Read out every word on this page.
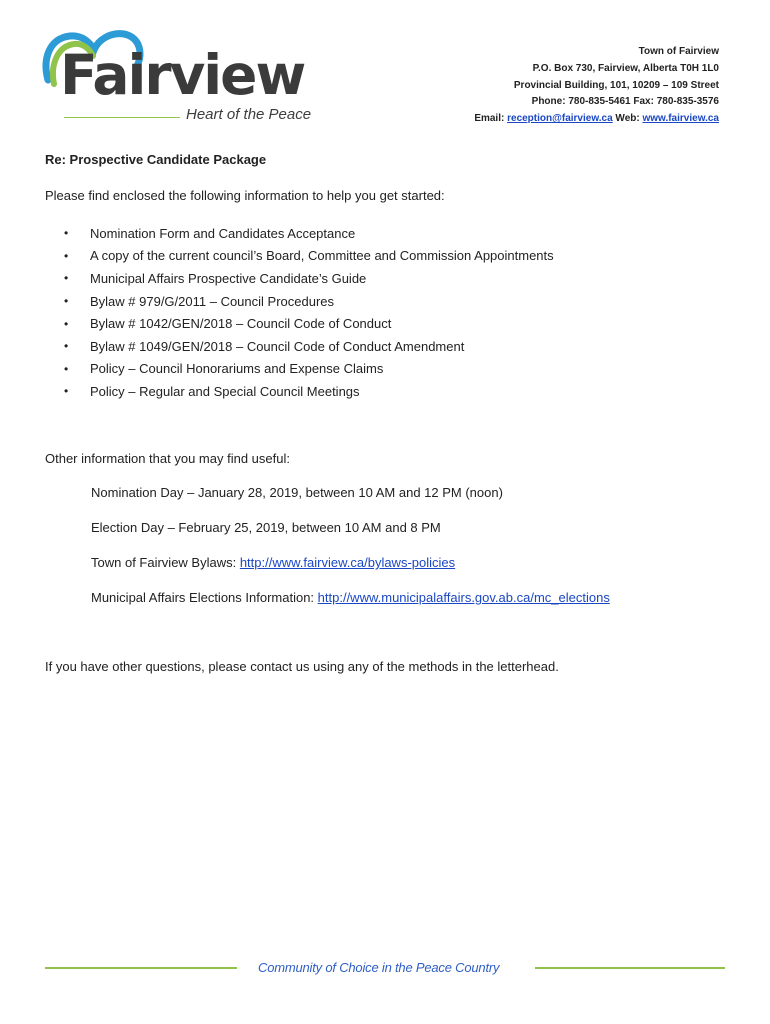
Fairview
Heart of the Peace
Town of Fairview
P.O. Box 730, Fairview, Alberta T0H 1L0
Provincial Building, 101, 10209 – 109 Street
Phone: 780-835-5461 Fax: 780-835-3576
Email: reception@fairview.ca Web: www.fairview.ca
Re: Prospective Candidate Package
Please find enclosed the following information to help you get started:
•	Nomination Form and Candidates Acceptance
•	A copy of the current council’s Board, Committee and Commission Appointments
•	Municipal Affairs Prospective Candidate’s Guide
•	Bylaw # 979/G/2011 – Council Procedures
•	Bylaw # 1042/GEN/2018 – Council Code of Conduct
•	Bylaw # 1049/GEN/2018 – Council Code of Conduct Amendment
•	Policy – Council Honorariums and Expense Claims
•	Policy – Regular and Special Council Meetings
Other information that you may find useful:
Nomination Day – January 28, 2019, between 10 AM and 12 PM (noon)
Election Day – February 25, 2019, between 10 AM and 8 PM
Town of Fairview Bylaws: http://www.fairview.ca/bylaws-policies
Municipal Affairs Elections Information: http://www.municipalaffairs.gov.ab.ca/mc_elections
If you have other questions, please contact us using any of the methods in the letterhead.
Community of Choice in the Peace Country
